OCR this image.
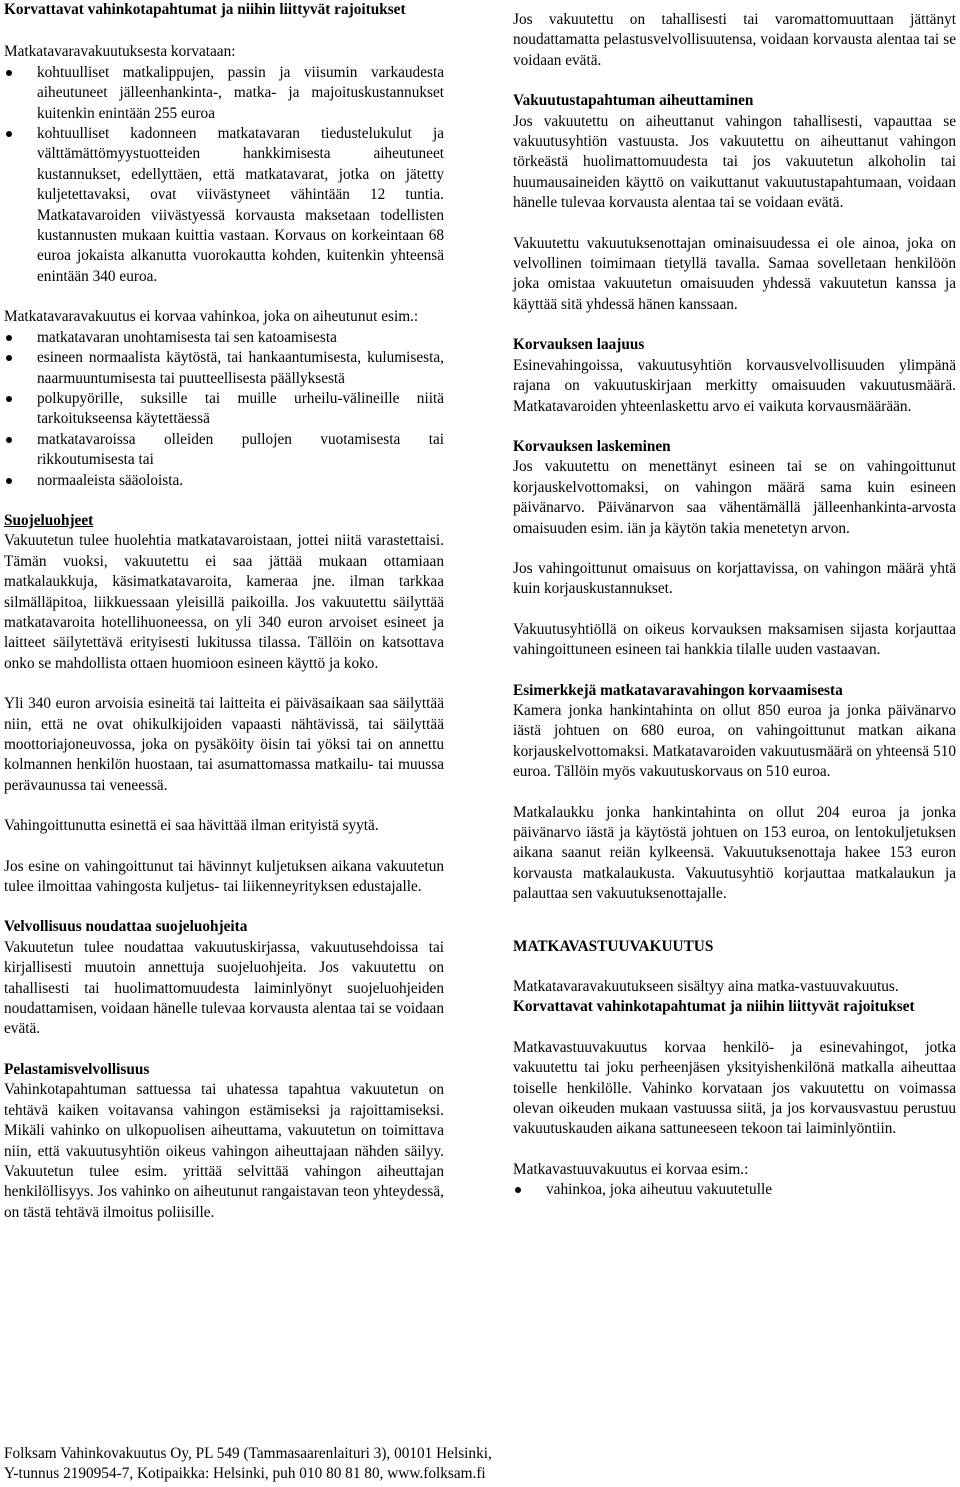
Korvattavat vahinkotapahtumat ja niihin liittyvät rajoitukset

Matkatavaravakuutuksesta korvataan:

kohtuulliset matkalippujen, passin ja viisumin varkaudesta aiheutuneet jälleenhankinta-, matka- ja majoituskustannukset kuitenkin enintään 255 euroa
kohtuulliset kadonneen matkatavaran tiedustelukulut ja välttämättömyystuotteiden hankkimisesta aiheutuneet kustannukset, edellyttäen, että matkatavarat, jotka on jätetty kuljetettavaksi, ovat viivästyneet vähintään 12 tuntia. Matkatavaroiden viivästyessä korvausta maksetaan todellisten kustannusten mukaan kuittia vastaan. Korvaus on korkeintaan 68 euroa jokaista alkanutta vuorokautta kohden, kuitenkin yhteensä enintään 340 euroa.

Matkatavaravakuutus ei korvaa vahinkoa, joka on aiheutunut esim.:

matkatavaran unohtamisesta tai sen katoamisesta
esineen normaalista käytöstä, tai hankaantumisesta, kulumisesta, naarmuuntumisesta tai puutteellisesta päällyksestä
polkupyörille, suksille tai muille urheilu-välineille niitä tarkoitukseensa käytettäessä
matkatavaroissa olleiden pullojen vuotamisesta tai rikkoutumisesta tai
normaaleista sääoloista.

Suojeluohjeet

Vakuutetun tulee huolehtia matkatavaroistaan, jottei niitä varastettaisi. Tämän vuoksi, vakuutettu ei saa jättää mukaan ottamiaan matkalaukkuja, käsimatkatavaroita, kameraa jne. ilman tarkkaa silmälläpitoa, liikkuessaan yleisillä paikoilla. Jos vakuutettu säilyttää matkatavaroita hotellihuoneessa, on yli 340 euron arvoiset esineet ja laitteet säilytettävä erityisesti lukitussa tilassa. Tällöin on katsottava onko se mahdollista ottaen huomioon esineen käyttö ja koko.

Yli 340 euron arvoisia esineitä tai laitteita ei päiväsaikaan saa säilyttää niin, että ne ovat ohikulkijoiden vapaasti nähtävissä, tai säilyttää moottoriajoneuvossa, joka on pysäköity öisin tai yöksi tai on annettu kolmannen henkilön huostaan, tai asumattomassa matkailu- tai muussa perävaunussa tai veneessä.

Vahingoittunutta esinettä ei saa hävittää ilman erityistä syytä.

Jos esine on vahingoittunut tai hävinnyt kuljetuksen aikana vakuutetun tulee ilmoittaa vahingosta kuljetus- tai liikenneyrityksen edustajalle.

Velvollisuus noudattaa suojeluohjeita

Vakuutetun tulee noudattaa vakuutuskirjassa, vakuutusehdoissa tai kirjallisesti muutoin annettuja suojeluohjeita. Jos vakuutettu on tahallisesti tai huolimattomuudesta laiminlyönyt suojeluohjeiden noudattamisen, voidaan hänelle tulevaa korvausta alentaa tai se voidaan evätä.

Pelastamisvelvollisuus

Vahinkotapahtuman sattuessa tai uhatessa tapahtua vakuutetun on tehtävä kaiken voitavansa vahingon estämiseksi ja rajoittamiseksi. Mikäli vahinko on ulkopuolisen aiheuttama, vakuutetun on toimittava niin, että vakuutusyhtiön oikeus vahingon aiheuttajaan nähden säilyy. Vakuutetun tulee esim. yrittää selvittää vahingon aiheuttajan henkilöllisyys. Jos vahinko on aiheutunut rangaistavan teon yhteydessä, on tästä tehtävä ilmoitus poliisille.

Jos vakuutettu on tahallisesti tai varomattomuuttaan jättänyt noudattamatta pelastusvelvollisuutensa, voidaan korvausta alentaa tai se voidaan evätä.

Vakuutustapahtuman aiheuttaminen

Jos vakuutettu on aiheuttanut vahingon tahallisesti, vapauttaa se vakuutusyhtiön vastuusta. Jos vakuutettu on aiheuttanut vahingon törkeästä huolimattomuudesta tai jos vakuutetun alkoholin tai huumausaineiden käyttö on vaikuttanut vakuutustapahtumaan, voidaan hänelle tulevaa korvausta alentaa tai se voidaan evätä.

Vakuutettu vakuutuksenottajan ominaisuudessa ei ole ainoa, joka on velvollinen toimimaan tietyllä tavalla. Samaa sovelletaan henkilöön joka omistaa vakuutetun omaisuuden yhdessä vakuutetun kanssa ja käyttää sitä yhdessä hänen kanssaan.

Korvauksen laajuus

Esinevahingoissa, vakuutusyhtiön korvausvelvollisuuden ylimpänä rajana on vakuutuskirjaan merkitty omaisuuden vakuutusmäärä. Matkatavaroiden yhteenlaskettu arvo ei vaikuta korvausmäärään.

Korvauksen laskeminen

Jos vakuutettu on menettänyt esineen tai se on vahingoittunut korjauskelvottomaksi, on vahingon määrä sama kuin esineen päivänarvo. Päivänarvon saa vähentämällä jälleenhankinta-arvosta omaisuuden esim. iän ja käytön takia menetetyn arvon.

Jos vahingoittunut omaisuus on korjattavissa, on vahingon määrä yhtä kuin korjauskustannukset.

Vakuutusyhtiöllä on oikeus korvauksen maksamisen sijasta korjauttaa vahingoittuneen esineen tai hankkia tilalle uuden vastaavan.

Esimerkkejä matkatavaravahingon korvaamisesta

Kamera jonka hankintahinta on ollut 850 euroa ja jonka päivänarvo iästä johtuen on 680 euroa, on vahingoittunut matkan aikana korjauskelvottomaksi. Matkatavaroiden vakuutusmäärä on yhteensä 510 euroa. Tällöin myös vakuutuskorvaus on 510 euroa.

Matkalaukku jonka hankintahinta on ollut 204 euroa ja jonka päivänarvo iästä ja käytöstä johtuen on 153 euroa, on lentokuljetuksen aikana saanut reiän kylkeensä. Vakuutuksenottaja hakee 153 euron korvausta matkalaukusta. Vakuutusyhtiö korjauttaa matkalaukun ja palauttaa sen vakuutuksenottajalle.

MATKAVASTUUVAKUUTUS

Matkatavaravakuutukseen sisältyy aina matka-vastuuvakuutus.

Korvattavat vahinkotapahtumat ja niihin liittyvät rajoitukset

Matkavastuuvakuutus korvaa henkilö- ja esinevahingot, jotka vakuutettu tai joku perheenjäsen yksityishenkilönä matkalla aiheuttaa toiselle henkilölle. Vahinko korvataan jos vakuutettu on voimassa olevan oikeuden mukaan vastuussa siitä, ja jos korvausvastuu perustuu vakuutuskauden aikana sattuneeseen tekoon tai laiminlyöntiin.

Matkavastuuvakuutus ei korvaa esim.:

vahinkoa, joka aiheutuu vakuutetulle
Folksam Vahinkovakuutus Oy, PL 549 (Tammasaarenlaituri 3), 00101 Helsinki,
Y-tunnus 2190954-7, Kotipaikka: Helsinki, puh 010 80 81 80, www.folksam.fi
